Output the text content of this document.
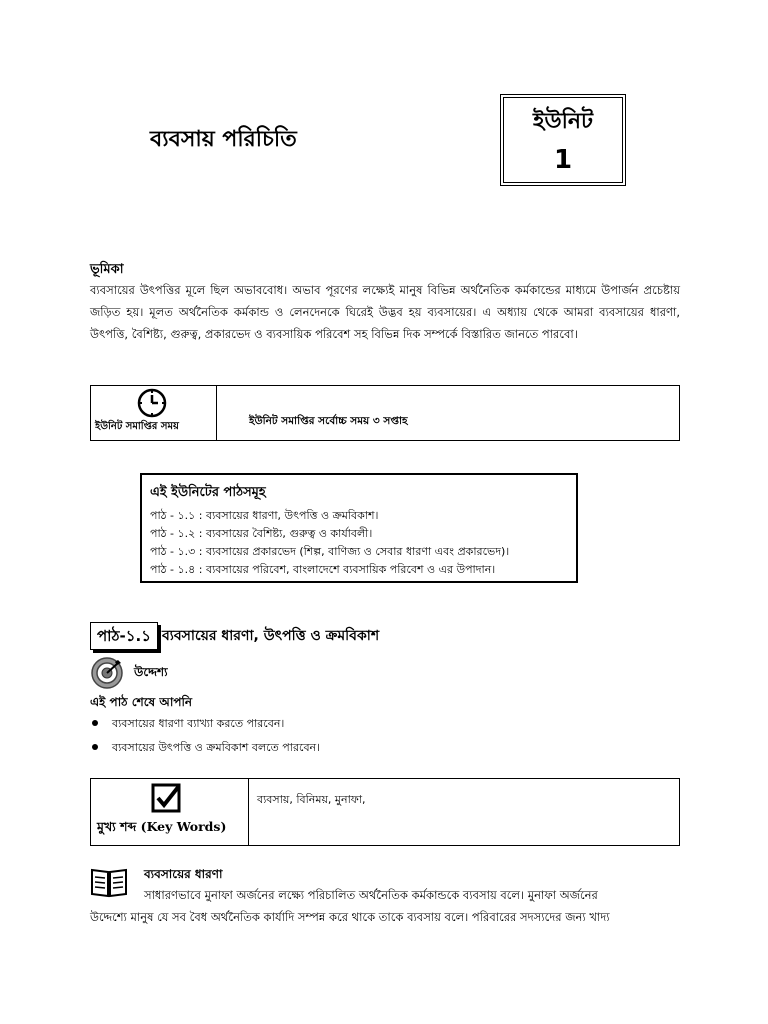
ব্যবসায় পরিচিতি
ইউনিট
1
ভূমিকা
ব্যবসায়ের উৎপত্তির মূলে ছিল অভাববোধ। অভাব পূরণের লক্ষ্যেই মানুষ বিভিন্ন অর্থনৈতিক কর্মকান্ডের মাধ্যমে উপার্জন প্রচেষ্টায় জড়িত হয়। মূলত অর্থনৈতিক কর্মকান্ড ও লেনদেনকে ঘিরেই উদ্ভব হয় ব্যবসায়ের। এ অধ্যায় থেকে আমরা ব্যবসায়ের ধারণা, উৎপত্তি, বৈশিষ্ট্য, গুরুত্ব, প্রকারভেদ ও ব্যবসায়িক পরিবেশ সহ বিভিন্ন দিক সম্পর্কে বিস্তারিত জানতে পারবো।
ইউনিট সমাপ্তির সময়	ইউনিট সমাপ্তির সর্বোচ্চ সময় ৩ সপ্তাহ
এই ইউনিটের পাঠসমূহ
পাঠ - ১.১ : ব্যবসায়ের ধারণা, উৎপত্তি ও ক্রমবিকাশ।
পাঠ - ১.২ : ব্যবসায়ের বৈশিষ্ট্য, গুরুত্ব ও কার্যাবলী।
পাঠ - ১.৩ : ব্যবসায়ের প্রকারভেদ (শিল্প, বাণিজ্য ও সেবার ধারণা এবং প্রকারভেদ)।
পাঠ - ১.৪ : ব্যবসায়ের পরিবেশ, বাংলাদেশে ব্যবসায়িক পরিবেশ ও এর উপাদান।
পাঠ-১.১ ব্যবসায়ের ধারণা, উৎপত্তি ও ক্রমবিকাশ
উদ্দেশ্য
এই পাঠ শেষে আপনি
ব্যবসায়ের ধারণা ব্যাখ্যা করতে পারবেন।
ব্যবসায়ের উৎপত্তি ও ক্রমবিকাশ বলতে পারবেন।
মুখ্য শব্দ (Key Words)
ব্যবসায়, বিনিময়, মুনাফা,
ব্যবসায়ের ধারণা
সাধারণভাবে মুনাফা অর্জনের লক্ষ্যে পরিচালিত অর্থনৈতিক কর্মকান্ডকে ব্যবসায় বলে। মুনাফা অর্জনের
উদ্দেশ্যে মানুষ যে সব বৈধ অর্থনৈতিক কার্যাদি সম্পন্ন করে থাকে তাকে ব্যবসায় বলে। পরিবারের সদস্যদের জন্য খাদ্য
